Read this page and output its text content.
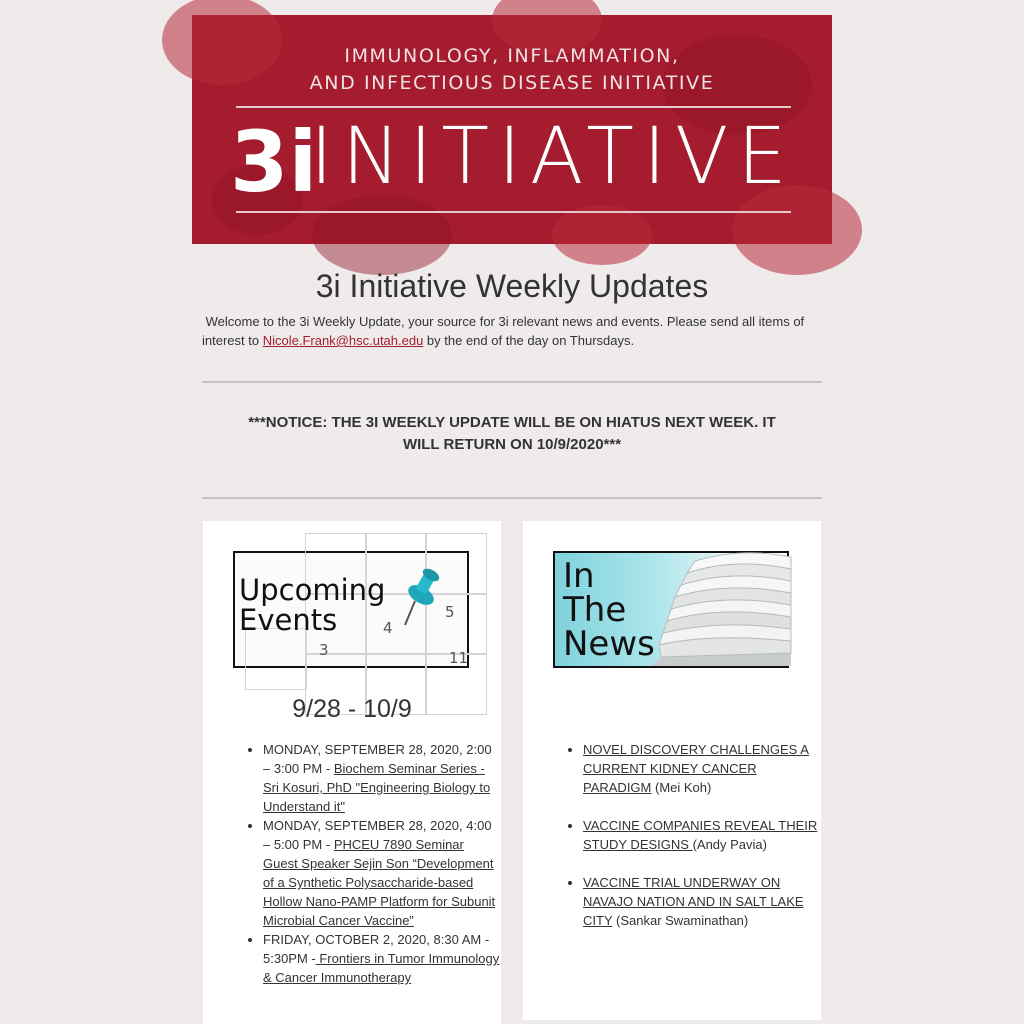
IMMUNOLOGY, INFLAMMATION,
AND INFECTIOUS DISEASE INITIATIVE
3i
INITIATIVE
3i Initiative Weekly Updates
Welcome to the 3i Weekly Update, your source for 3i relevant news and events. Please send all items of interest to Nicole.Frank@hsc.utah.edu by the end of the day on Thursdays.
***NOTICE: THE 3I WEEKLY UPDATE WILL BE ON HIATUS NEXT WEEK. IT
WILL RETURN ON 10/9/2020***
4
5
3	11
Upcoming
Events
9/28 - 10/9
• MONDAY, SEPTEMBER 28, 2020, 2:00 – 3:00 PM - Biochem Seminar Series - Sri Kosuri, PhD "Engineering Biology to Understand it"
• MONDAY, SEPTEMBER 28, 2020, 4:00 – 5:00 PM - PHCEU 7890 Seminar Guest Speaker Sejin Son “Development of a Synthetic Polysaccharide-based Hollow Nano-PAMP Platform for Subunit Microbial Cancer Vaccine”
• FRIDAY, OCTOBER 2, 2020, 8:30 AM - 5:30PM - Frontiers in Tumor Immunology & Cancer Immunotherapy
In
The
News
• NOVEL DISCOVERY CHALLENGES A CURRENT KIDNEY CANCER PARADIGM (Mei Koh)
• VACCINE COMPANIES REVEAL THEIR STUDY DESIGNS (Andy Pavia)
• VACCINE TRIAL UNDERWAY ON NAVAJO NATION AND IN SALT LAKE CITY (Sankar Swaminathan)
